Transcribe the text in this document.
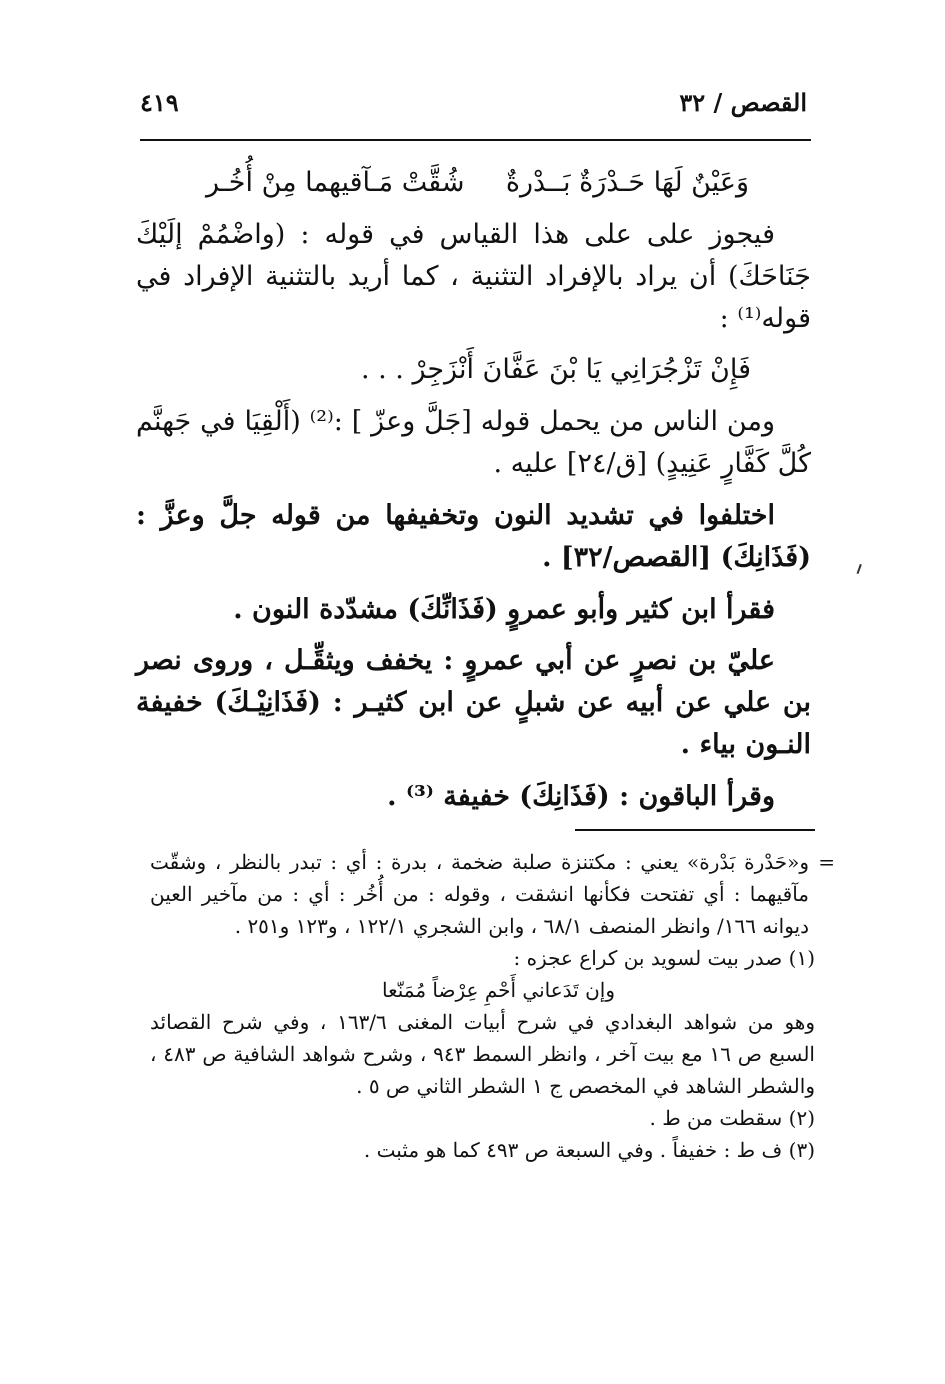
القصص / ٣٢
٤١٩
وَعَيْنٌ لَهَا حَـدْرَةٌ بَــدْرةٌ
شُقَّتْ مَـآقيهما مِنْ أُخُـر

فيجوز على على هذا القياس في قوله : (واضْمُمْ إلَيْكَ جَنَاحَكَ) أن يراد بالإفراد التثنية ، كما أريد بالتثنية الإفراد في قوله⁽¹⁾ :

فَإِنْ تَزْجُرَانِي يَا بْنَ عَفَّانَ أَنْزَجِرْ . . .

ومن الناس من يحمل قوله [جَلَّ وعزّ ] :⁽²⁾ (أَلْقِيَا في جَهنَّم كُلَّ كَفَّارٍ عَنِيدٍ) [ق/٢٤] عليه .

اختلفوا في تشديد النون وتخفيفها من قوله جلَّ وعزَّ : (فَذَانِكَ) [القصص/٣٢] .

فقرأ ابن كثير وأبو عمروٍ (فَذَانِّكَ) مشدّدة النون .

عليّ بن نصرٍ عن أبي عمروٍ : يخفف ويثقِّـل ، وروى نصر بن علي عن أبيه عن شبلٍ عن ابن كثيـر : (فَذَانِيْـكَ) خفيفة النـون بياء .

وقرأ الباقون : (فَذَانِكَ) خفيفة ⁽³⁾ .

=

و«حَدْرة بَدْرة» يعني : مكتنزة صلبة ضخمة ، بدرة : أي : تبدر بالنظر ، وشقّت مآقيهما : أي تفتحت فكأنها انشقت ، وقوله : من أُخُر : أي : من مآخير العين ديوانه ١٦٦/ وانظر المنصف ٦٨/١ ، وابن الشجري ١٢٢/١ ، و١٢٣ و٢٥١ .

(١) صدر بيت لسويد بن كراع عجزه :

وإن تَدَعاني أَحْمِ عِرْضاً مُمَنّعا

وهو من شواهد البغدادي في شرح أبيات المغنى ١٦٣/٦ ، وفي شرح القصائد السبع ص ١٦ مع بيت آخر ، وانظر السمط ٩٤٣ ، وشرح شواهد الشافية ص ٤٨٣ ، والشطر الشاهد في المخصص ج ١ الشطر الثاني ص ٥ .

(٢) سقطت من ط .

(٣) ف ط : خفيفاً . وفي السبعة ص ٤٩٣ كما هو مثبت .
